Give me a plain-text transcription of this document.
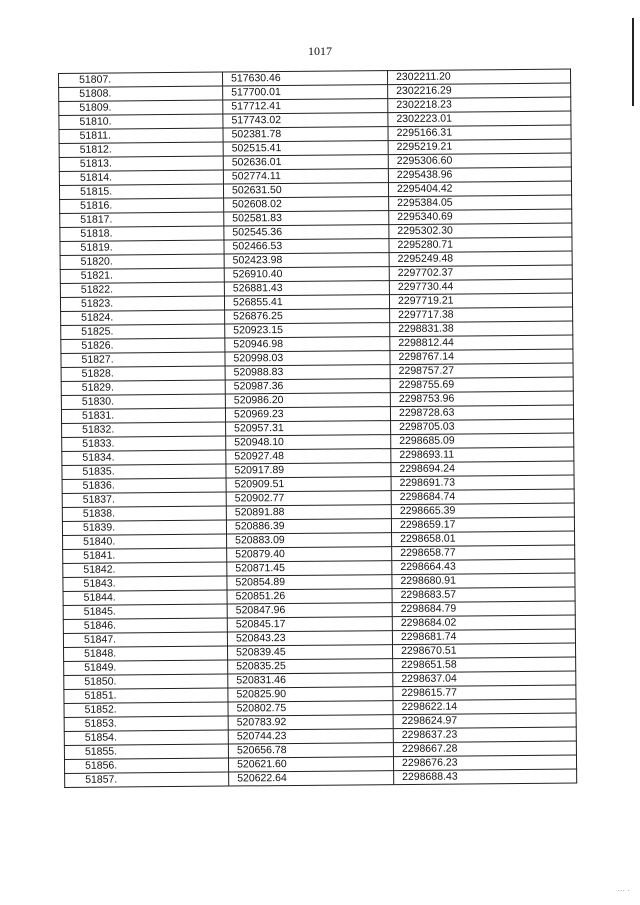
1017
··· ·
51807.	517630.46	2302211.20
51808.	517700.01	2302216.29
51809.	517712.41	2302218.23
51810.	517743.02	2302223.01
51811.	502381.78	2295166.31
51812.	502515.41	2295219.21
51813.	502636.01	2295306.60
51814.	502774.11	2295438.96
51815.	502631.50	2295404.42
51816.	502608.02	2295384.05
51817.	502581.83	2295340.69
51818.	502545.36	2295302.30
51819.	502466.53	2295280.71
51820.	502423.98	2295249.48
51821.	526910.40	2297702.37
51822.	526881.43	2297730.44
51823.	526855.41	2297719.21
51824.	526876.25	2297717.38
51825.	520923.15	2298831.38
51826.	520946.98	2298812.44
51827.	520998.03	2298767.14
51828.	520988.83	2298757.27
51829.	520987.36	2298755.69
51830.	520986.20	2298753.96
51831.	520969.23	2298728.63
51832.	520957.31	2298705.03
51833.	520948.10	2298685.09
51834.	520927.48	2298693.11
51835.	520917.89	2298694.24
51836.	520909.51	2298691.73
51837.	520902.77	2298684.74
51838.	520891.88	2298665.39
51839.	520886.39	2298659.17
51840.	520883.09	2298658.01
51841.	520879.40	2298658.77
51842.	520871.45	2298664.43
51843.	520854.89	2298680.91
51844.	520851.26	2298683.57
51845.	520847.96	2298684.79
51846.	520845.17	2298684.02
51847.	520843.23	2298681.74
51848.	520839.45	2298670.51
51849.	520835.25	2298651.58
51850.	520831.46	2298637.04
51851.	520825.90	2298615.77
51852.	520802.75	2298622.14
51853.	520783.92	2298624.97
51854.	520744.23	2298637.23
51855.	520656.78	2298667.28
51856.	520621.60	2298676.23
51857.	520622.64	2298688.43
